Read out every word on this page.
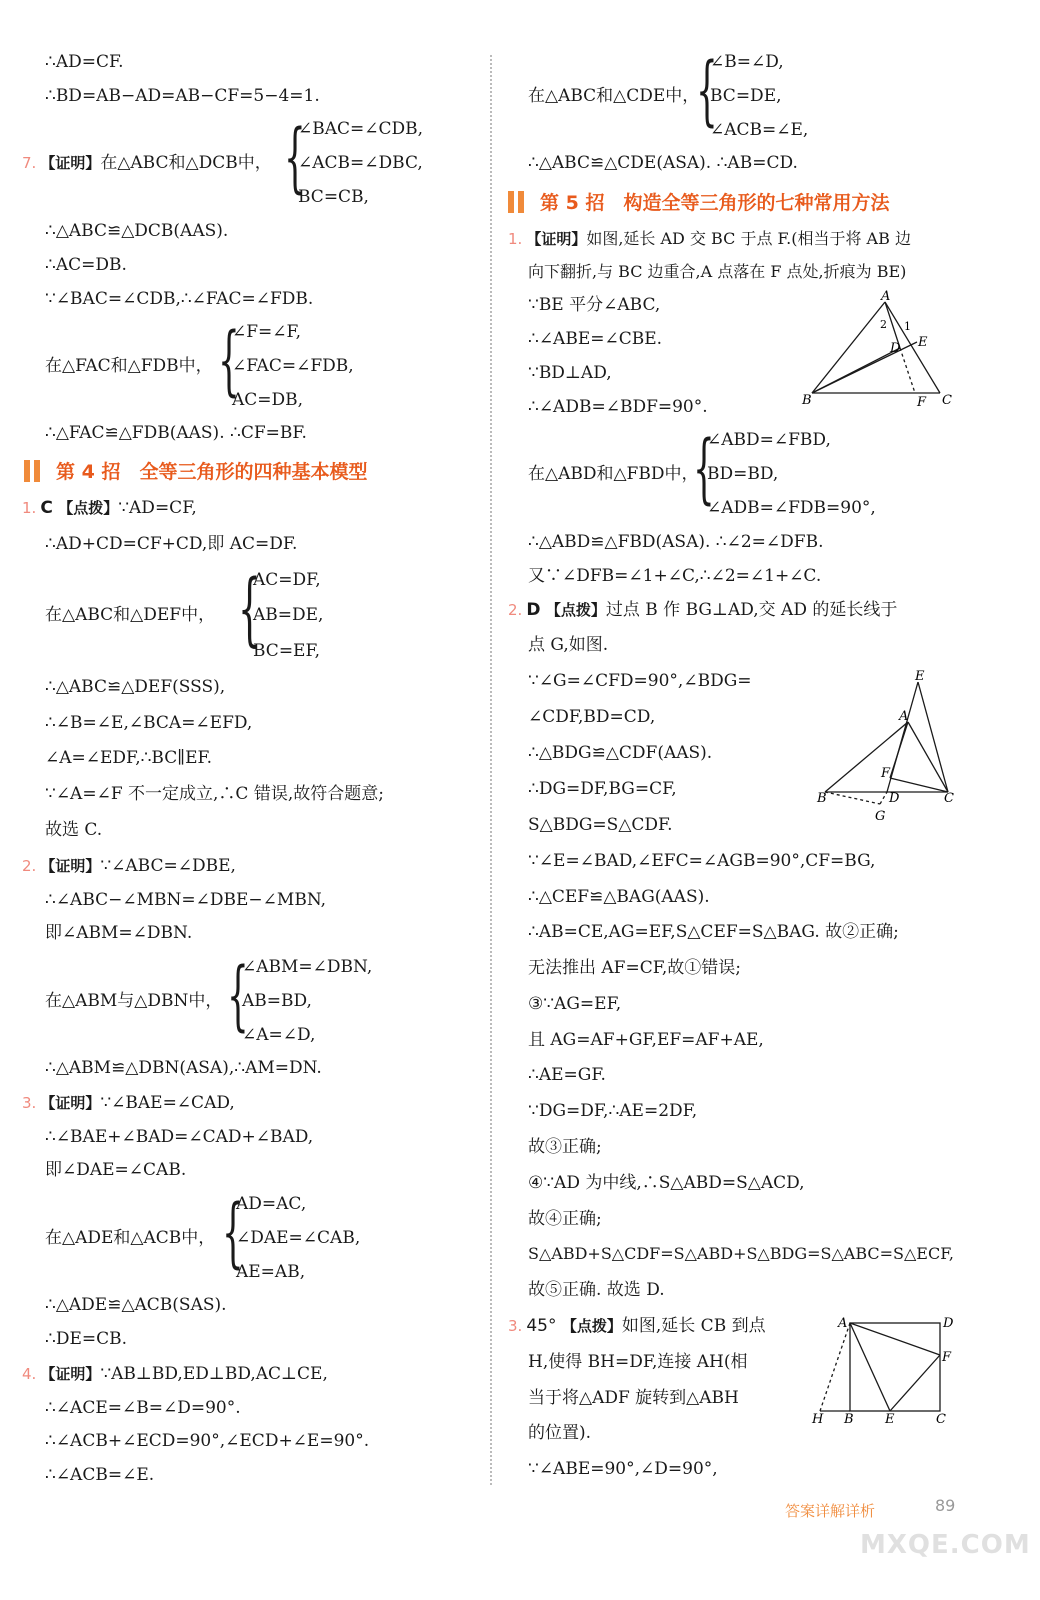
∴AD=CF.
∴BD=AB−AD=AB−CF=5−4=1.
7. 【证明】在△ABC和△DCB中， {
∠BAC=∠CDB,
∠ACB=∠DBC,
BC=CB,
∴△ABC≌△DCB(AAS).
∴AC=DB.
∵∠BAC=∠CDB,∴∠FAC=∠FDB.
在△FAC和△FDB中， {
∠F=∠F,
∠FAC=∠FDB,
AC=DB,
∴△FAC≌△FDB(AAS). ∴CF=BF.
第 4 招　全等三角形的四种基本模型
1. C 【点拨】∵AD=CF,
∴AD+CD=CF+CD,即 AC=DF.
在△ABC和△DEF中， {
AC=DF,
AB=DE,
BC=EF,
∴△ABC≌△DEF(SSS),
∴∠B=∠E,∠BCA=∠EFD,
∠A=∠EDF,∴BC∥EF.
∵∠A=∠F 不一定成立,∴C 错误,故符合题意;
故选 C.
2. 【证明】∵∠ABC=∠DBE,
∴∠ABC−∠MBN=∠DBE−∠MBN,
即∠ABM=∠DBN.
在△ABM与△DBN中， {
∠ABM=∠DBN,
AB=BD,
∠A=∠D,
∴△ABM≌△DBN(ASA),∴AM=DN.
3. 【证明】∵∠BAE=∠CAD,
∴∠BAE+∠BAD=∠CAD+∠BAD,
即∠DAE=∠CAB.
在△ADE和△ACB中， {
AD=AC,
∠DAE=∠CAB,
AE=AB,
∴△ADE≌△ACB(SAS).
∴DE=CB.
4. 【证明】∵AB⊥BD,ED⊥BD,AC⊥CE,
∴∠ACE=∠B=∠D=90°.
∴∠ACB+∠ECD=90°,∠ECD+∠E=90°.
∴∠ACB=∠E.
在△ABC和△CDE中，
{
∠B=∠D,
BC=DE,
∠ACB=∠E,
∴△ABC≌△CDE(ASA). ∴AB=CD.
第 5 招　构造全等三角形的七种常用方法
1. 【证明】如图,延长 AD 交 BC 于点 F.(相当于将 AB 边
向下翻折,与 BC 边重合,A 点落在 F 点处,折痕为 BE)
∵BE 平分∠ABC,
∴∠ABE=∠CBE.
∵BD⊥AD,
∴∠ADB=∠BDF=90°.
A
B	C
D E
F
1
2
在△ABD和△FBD中，
{
∠ABD=∠FBD,
BD=BD,
∠ADB=∠FDB=90°,
∴△ABD≌△FBD(ASA). ∴∠2=∠DFB.
又∵∠DFB=∠1+∠C,∴∠2=∠1+∠C.
2. D 【点拨】过点 B 作 BG⊥AD,交 AD 的延长线于
点 G,如图.
∵∠G=∠CFD=90°,∠BDG=
∠CDF,BD=CD,
∴△BDG≌△CDF(AAS).
∴DG=DF,BG=CF,
S△BDG=S△CDF.
E
A
F
B	D	C
G
∵∠E=∠BAD,∠EFC=∠AGB=90°,CF=BG,
∴△CEF≌△BAG(AAS).
∴AB=CE,AG=EF,S△CEF=S△BAG. 故②正确;
无法推出 AF=CF,故①错误;
③∵AG=EF,
且 AG=AF+GF,EF=AF+AE,
∴AE=GF.
∵DG=DF,∴AE=2DF,
故③正确;
④∵AD 为中线,∴S△ABD=S△ACD,
故④正确;
S△ABD+S△CDF=S△ABD+S△BDG=S△ABC=S△ECF,
故⑤正确. 故选 D.
3. 45° 【点拨】如图,延长 CB 到点
H,使得 BH=DF,连接 AH(相
当于将△ADF 旋转到△ABH
的位置).
∵∠ABE=90°,∠D=90°,
A	D
F
H B E	C
答案详解详析	89
MXQE.COM
